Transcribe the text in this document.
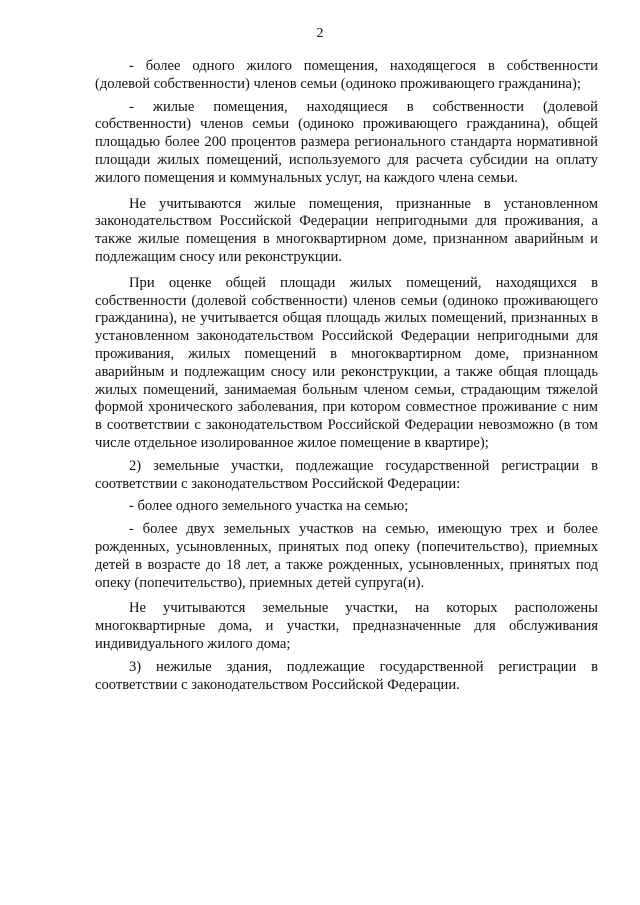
2

- более одного жилого помещения, находящегося в собственности (долевой собственности) членов семьи (одиноко проживающего гражданина);

- жилые помещения, находящиеся в собственности (долевой собственности) членов семьи (одиноко проживающего гражданина), общей площадью более 200 процентов размера регионального стандарта нормативной площади жилых помещений, используемого для расчета субсидии на оплату жилого помещения и коммунальных услуг, на каждого члена семьи.

Не учитываются жилые помещения, признанные в установленном законодательством Российской Федерации непригодными для проживания, а также жилые помещения в многоквартирном доме, признанном аварийным и подлежащим сносу или реконструкции.

При оценке общей площади жилых помещений, находящихся в собственности (долевой собственности) членов семьи (одиноко проживающего гражданина), не учитывается общая площадь жилых помещений, признанных в установленном законодательством Российской Федерации непригодными для проживания, жилых помещений в многоквартирном доме, признанном аварийным и подлежащим сносу или реконструкции, а также общая площадь жилых помещений, занимаемая больным членом семьи, страдающим тяжелой формой хронического заболевания, при котором совместное проживание с ним в соответствии с законодательством Российской Федерации невозможно (в том числе отдельное изолированное жилое помещение в квартире);

2) земельные участки, подлежащие государственной регистрации в соответствии с законодательством Российской Федерации:

- более одного земельного участка на семью;

- более двух земельных участков на семью, имеющую трех и более рожденных, усыновленных, принятых под опеку (попечительство), приемных детей в возрасте до 18 лет, а также рожденных, усыновленных, принятых под опеку (попечительство), приемных детей супруга(и).

Не учитываются земельные участки, на которых расположены многоквартирные дома, и участки, предназначенные для обслуживания индивидуального жилого дома;

3) нежилые здания, подлежащие государственной регистрации в соответствии с законодательством Российской Федерации.
